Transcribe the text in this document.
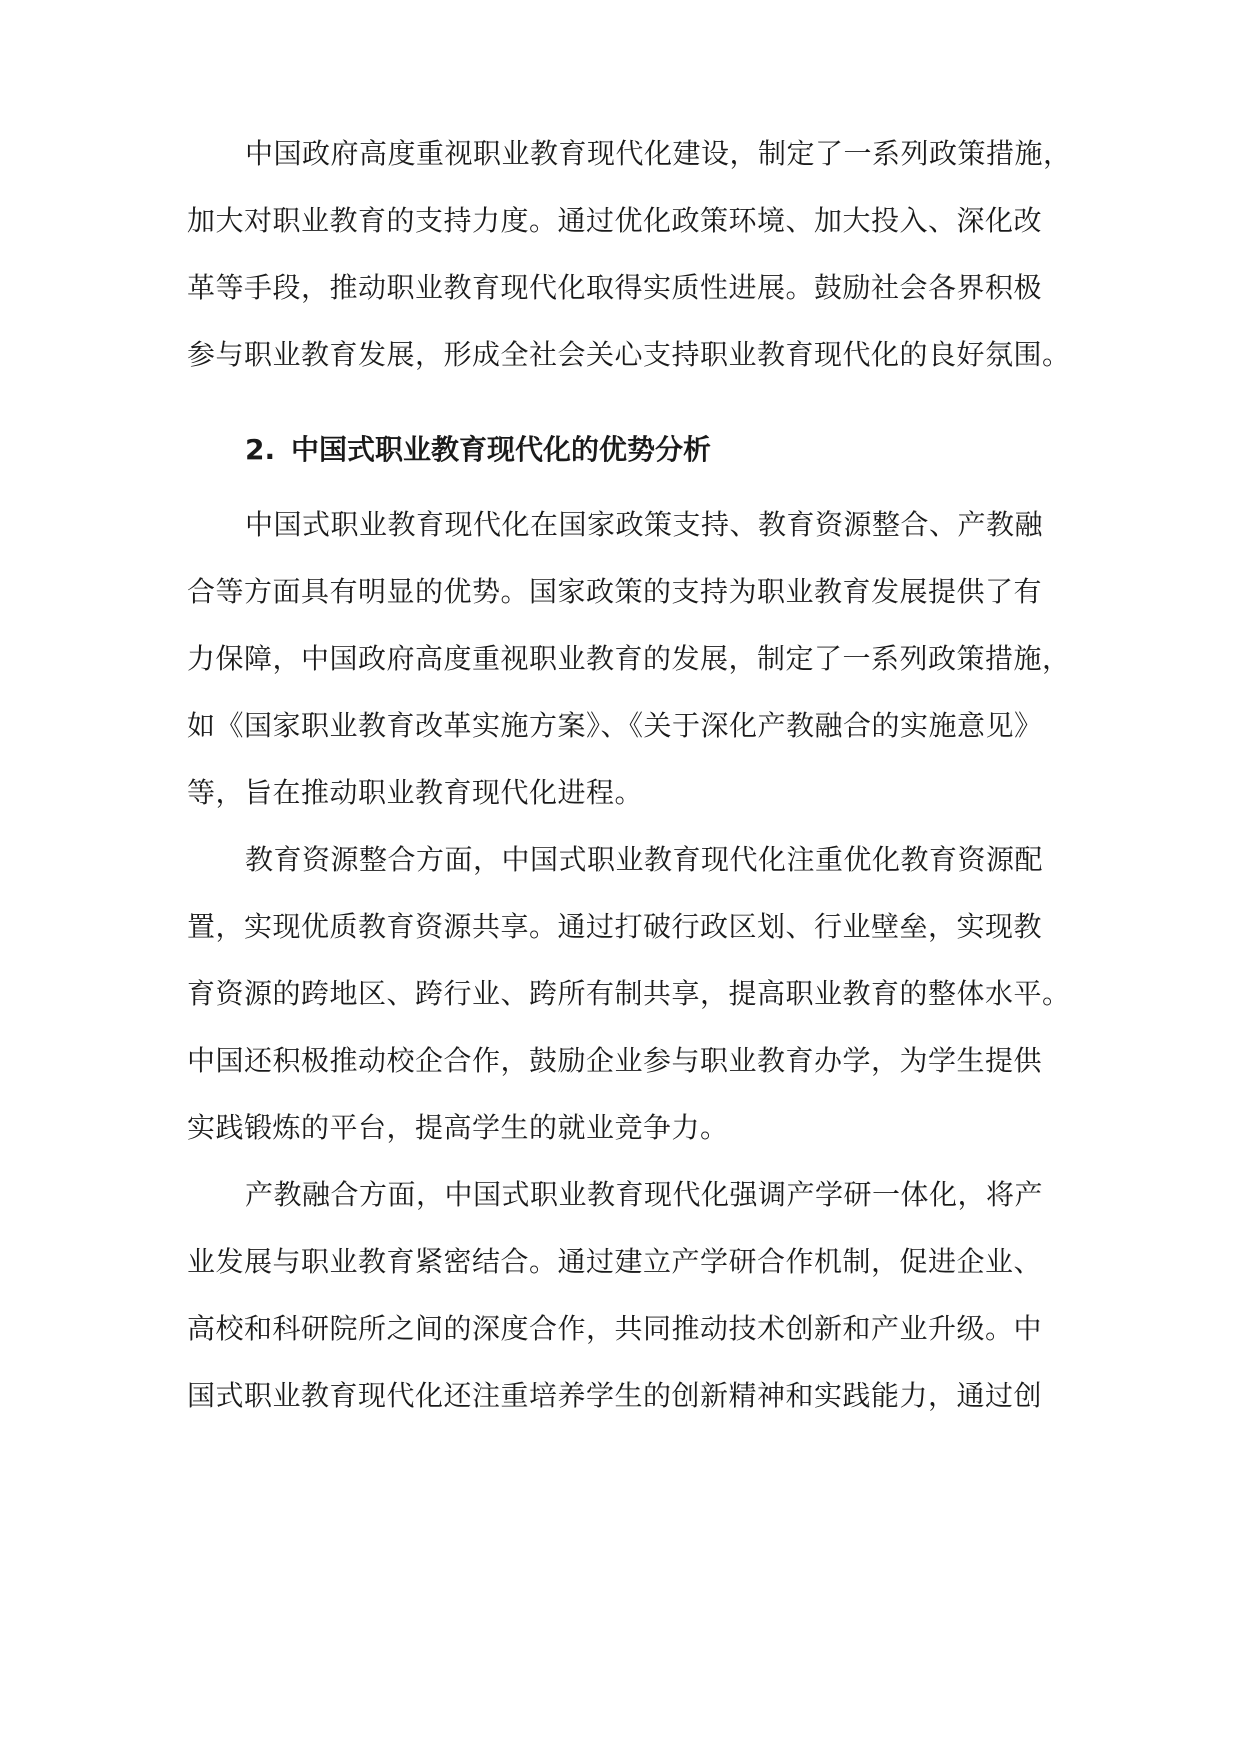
中国政府高度重视职业教育现代化建设，制定了一系列政策措施，
加大对职业教育的支持力度。通过优化政策环境、加大投入、深化改
革等手段，推动职业教育现代化取得实质性进展。鼓励社会各界积极
参与职业教育发展，形成全社会关心支持职业教育现代化的良好氛围。
2. 中国式职业教育现代化的优势分析
中国式职业教育现代化在国家政策支持、教育资源整合、产教融
合等方面具有明显的优势。国家政策的支持为职业教育发展提供了有
力保障，中国政府高度重视职业教育的发展，制定了一系列政策措施，
如《国家职业教育改革实施方案》、《关于深化产教融合的实施意见》
等，旨在推动职业教育现代化进程。
教育资源整合方面，中国式职业教育现代化注重优化教育资源配
置，实现优质教育资源共享。通过打破行政区划、行业壁垒，实现教
育资源的跨地区、跨行业、跨所有制共享，提高职业教育的整体水平。
中国还积极推动校企合作，鼓励企业参与职业教育办学，为学生提供
实践锻炼的平台，提高学生的就业竞争力。
产教融合方面，中国式职业教育现代化强调产学研一体化，将产
业发展与职业教育紧密结合。通过建立产学研合作机制，促进企业、
高校和科研院所之间的深度合作，共同推动技术创新和产业升级。中
国式职业教育现代化还注重培养学生的创新精神和实践能力，通过创
